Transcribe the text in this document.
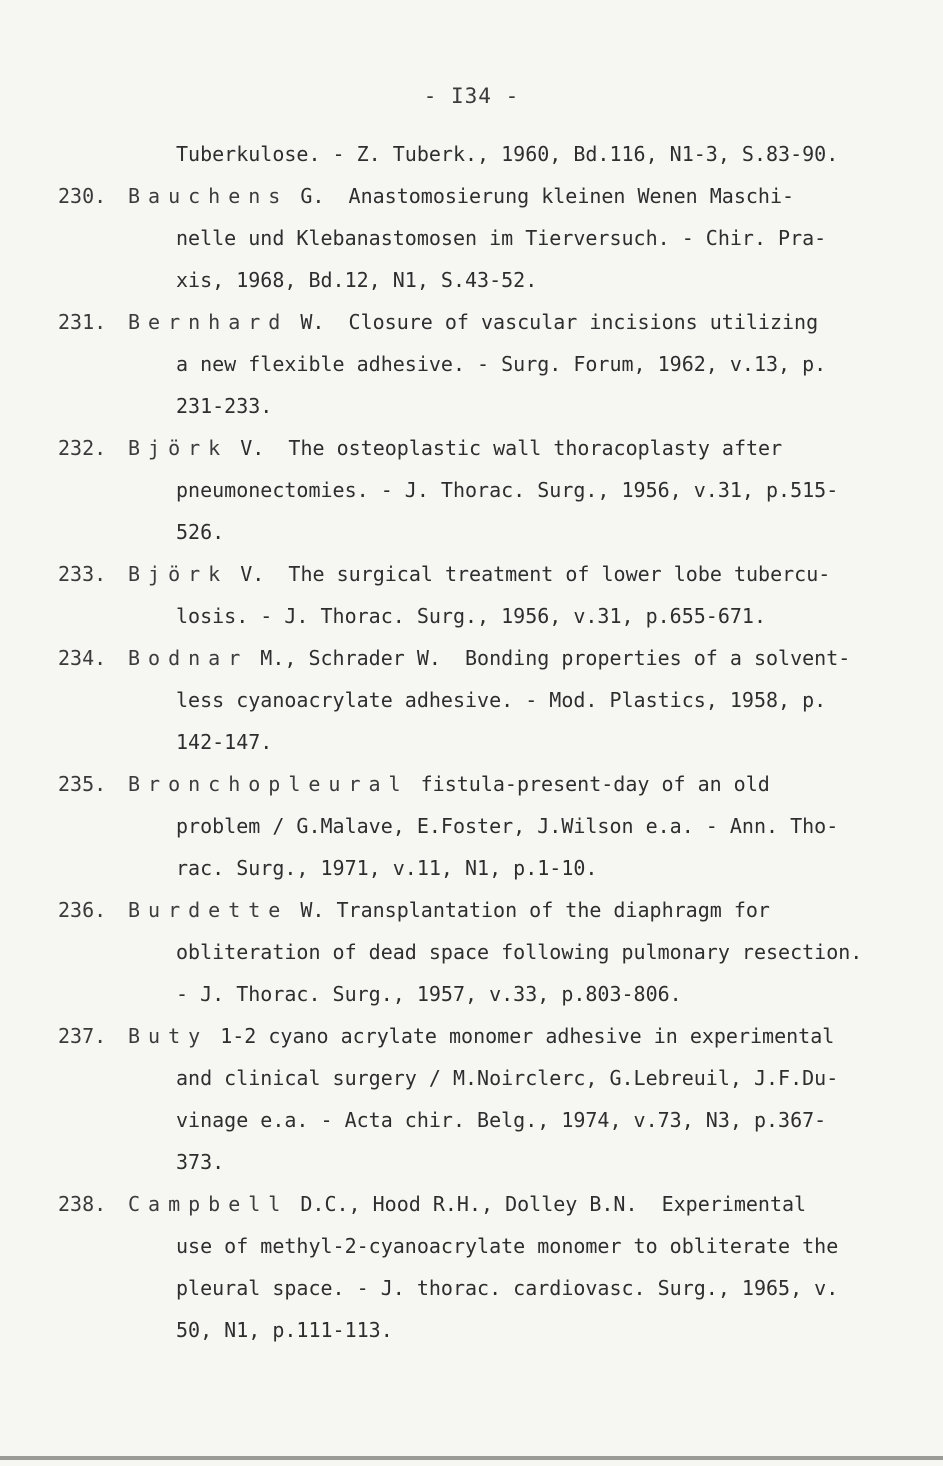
- I34 -
Tuberkulose. - Z. Tuberk., 1960, Bd.116, N1-3, S.83-90.
230.	Bauchens G.  Anastomosierung kleinen Wenen Maschi-
nelle und Klebanastomosen im Tierversuch. - Chir. Pra-
xis, 1968, Bd.12, N1, S.43-52.
231.	Bernhard W.  Closure of vascular incisions utilizing
a new flexible adhesive. - Surg. Forum, 1962, v.13, p.
231-233.
232.	Björk V.  The osteoplastic wall thoracoplasty after
pneumonectomies. - J. Thorac. Surg., 1956, v.31, p.515-
526.
233.	Björk V.  The surgical treatment of lower lobe tubercu-
losis. - J. Thorac. Surg., 1956, v.31, p.655-671.
234.	Bodnar M., Schrader W.  Bonding properties of a solvent-
less cyanoacrylate adhesive. - Mod. Plastics, 1958, p.
142-147.
235.	Bronchopleural fistula-present-day of an old
problem / G.Malave, E.Foster, J.Wilson e.a. - Ann. Tho-
rac. Surg., 1971, v.11, N1, p.1-10.
236.	Burdette W. Transplantation of the diaphragm for
obliteration of dead space following pulmonary resection.
- J. Thorac. Surg., 1957, v.33, p.803-806.
237.	Buty 1-2 cyano acrylate monomer adhesive in experimental
and clinical surgery / M.Noirclerc, G.Lebreuil, J.F.Du-
vinage e.a. - Acta chir. Belg., 1974, v.73, N3, p.367-
373.
238.	Campbell D.C., Hood R.H., Dolley B.N.  Experimental
use of methyl-2-cyanoacrylate monomer to obliterate the
pleural space. - J. thorac. cardiovasc. Surg., 1965, v.
50, N1, p.111-113.
